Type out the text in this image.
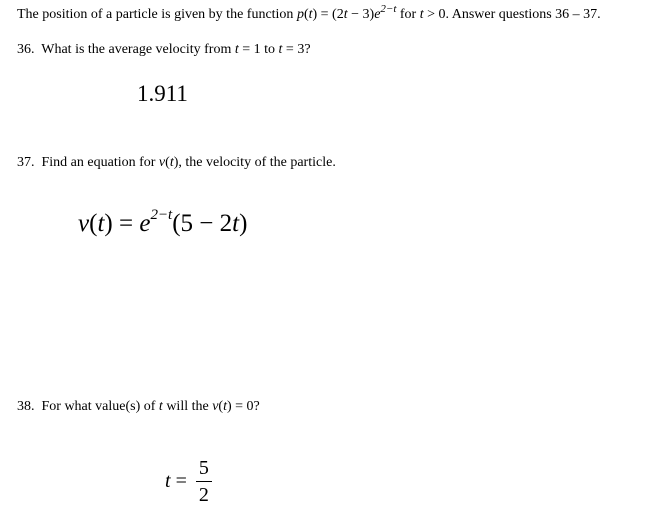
The position of a particle is given by the function $p(t) = (2t - 3)e^{2-t}$ for t > 0. Answer questions 36 – 37.
36. What is the average velocity from t = 1 to t = 3?
1.911
37. Find an equation for v(t), the velocity of the particle.
$v(t) = e^{2-t}(5 - 2t)$
38. For what value(s) of t will the v(t) = 0?
$t = \frac{5}{2}$
